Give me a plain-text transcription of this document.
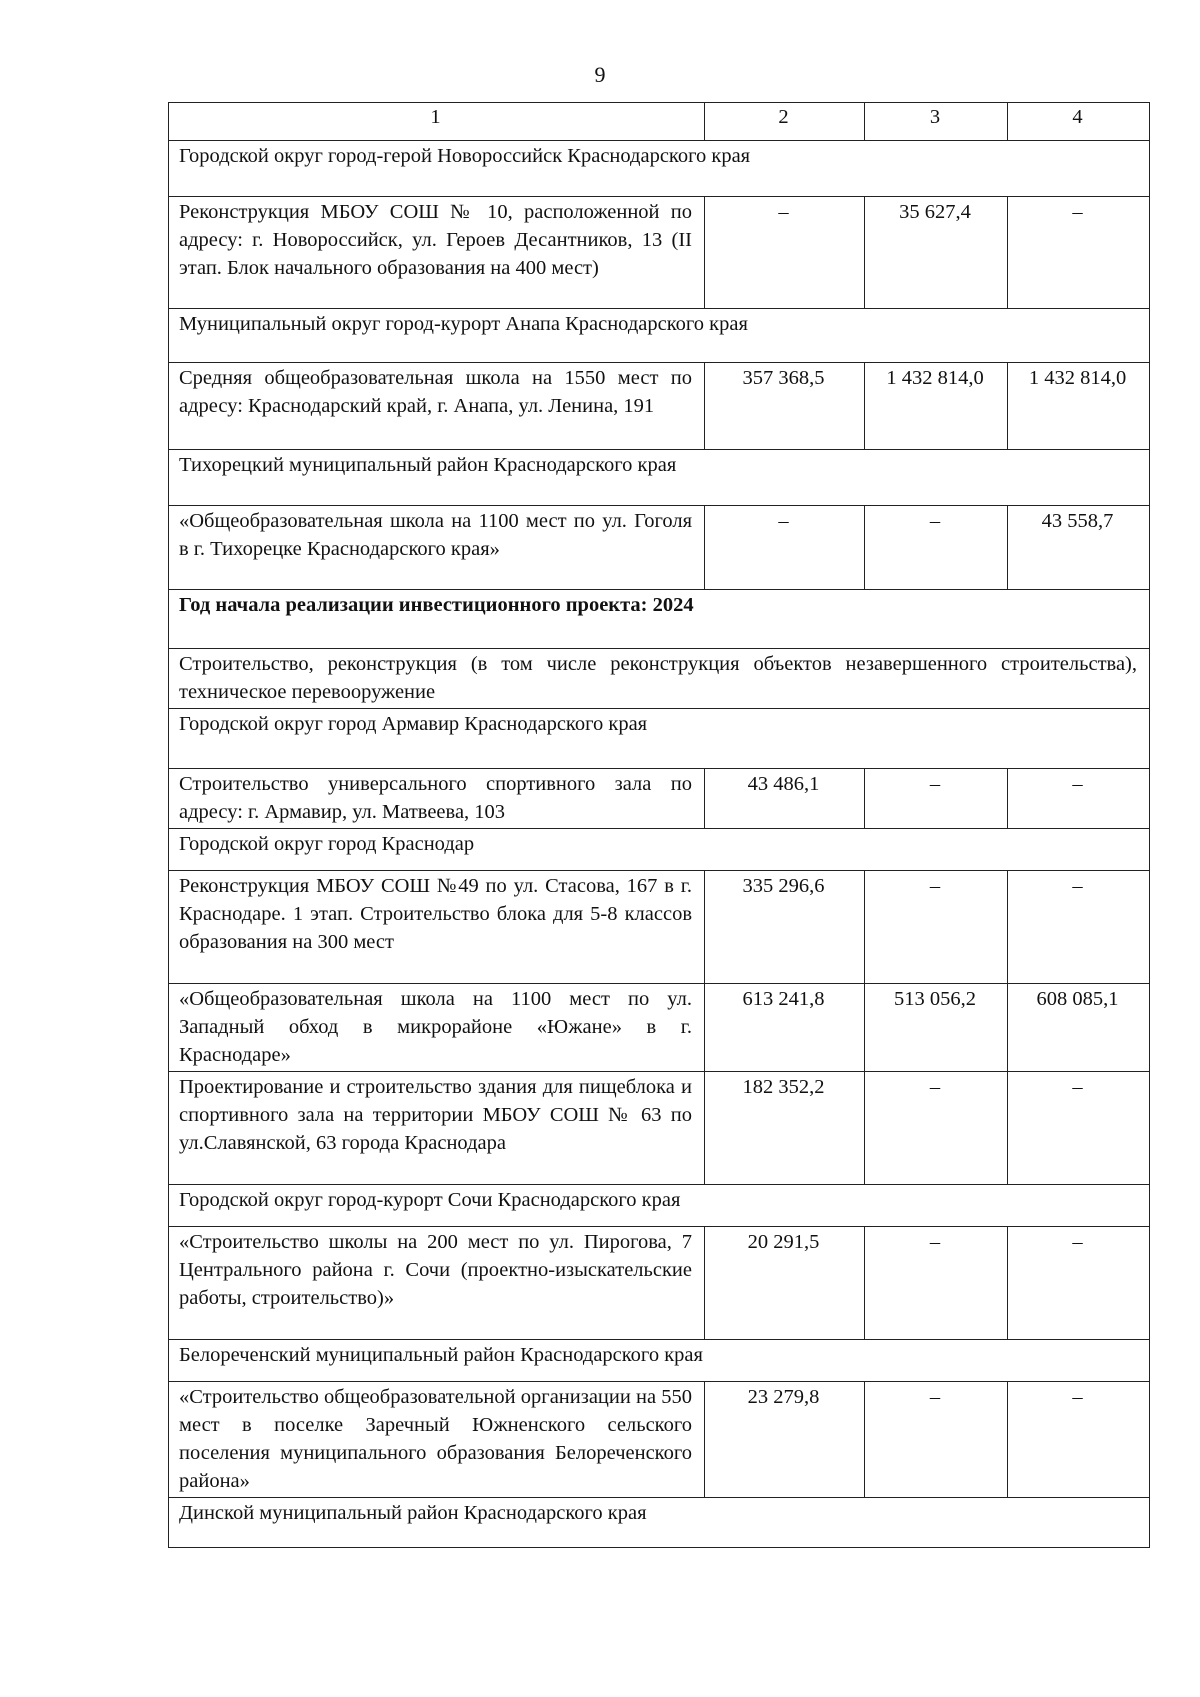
9
1	2	3	4
Городской округ город-герой Новороссийск Краснодарского края			
Реконструкция МБОУ СОШ № 10, расположенной по адресу: г. Новороссийск, ул. Героев Десантников, 13 (II этап. Блок начального образования на 400 мест)	–	35 627,4	–
Муниципальный округ город-курорт Анапа Краснодарского края			
Средняя общеобразовательная школа на 1550 мест по адресу: Краснодарский край, г. Анапа, ул. Ленина, 191	357 368,5	1 432 814,0	1 432 814,0
Тихорецкий муниципальный район Краснодарского края			
«Общеобразовательная школа на 1100 мест по ул. Гоголя в г. Тихорецке Краснодарского края»	–	–	43 558,7
Год начала реализации инвестиционного проекта: 2024			
Строительство, реконструкция (в том числе реконструкция объектов незавершенного строительства), техническое перевооружение			
Городской округ город Армавир Краснодарского края			
Строительство универсального спортивного зала по адресу: г. Армавир, ул. Матвеева, 103	43 486,1	–	–
Городской округ город Краснодар			
Реконструкция МБОУ СОШ №49 по ул. Стасова, 167 в г. Краснодаре. 1 этап. Строительство блока для 5-8 классов образования на 300 мест	335 296,6	–	–
«Общеобразовательная школа на 1100 мест по ул. Западный обход в микрорайоне «Южане» в г. Краснодаре»	613 241,8	513 056,2	608 085,1
Проектирование и строительство здания для пищеблока и спортивного зала на территории МБОУ СОШ № 63 по ул.Славянской, 63 города Краснодара	182 352,2	–	–
Городской округ город-курорт Сочи Краснодарского края			
«Строительство школы на 200 мест по ул. Пирогова, 7 Центрального района г. Сочи (проектно-изыскательские работы, строительство)»	20 291,5	–	–
Белореченский муниципальный район Краснодарского края			
«Строительство общеобразовательной организации на 550 мест в поселке Заречный Южненского сельского поселения муниципального образования Белореченского района»	23 279,8	–	–
Динской муниципальный район Краснодарского края			
